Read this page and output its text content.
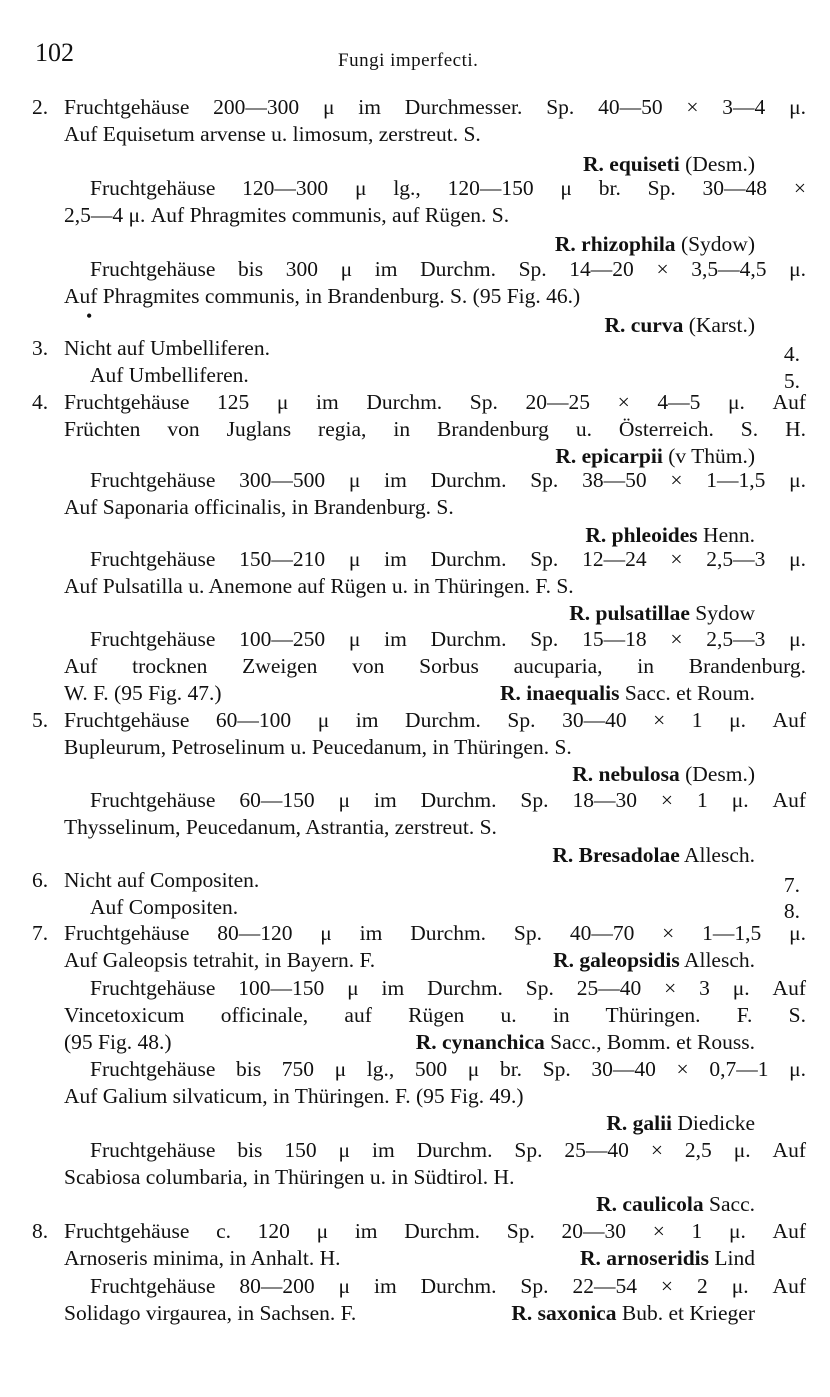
102	Fungi imperfecti.
2. Fruchtgehäuse 200—300 μ im Durchmesser. Sp. 40—50 × 3—4 μ.
Auf Equisetum arvense u. limosum, zerstreut. S.
R. equiseti (Desm.)
Fruchtgehäuse 120—300 μ lg., 120—150 μ br. Sp. 30—48 ×
2,5—4 μ. Auf Phragmites communis, auf Rügen. S.
R. rhizophila (Sydow)
Fruchtgehäuse bis 300 μ im Durchm. Sp. 14—20 × 3,5—4,5 μ.
Auf Phragmites communis, in Brandenburg. S. (95 Fig. 46.)
•	R. curva (Karst.)
3. Nicht auf Umbelliferen.	4.
Auf Umbelliferen.	5.
4. Fruchtgehäuse 125 μ im Durchm. Sp. 20—25 × 4—5 μ. Auf
Früchten von Juglans regia, in Brandenburg u. Österreich. S. H.
R. epicarpii (v Thüm.)
Fruchtgehäuse 300—500 μ im Durchm. Sp. 38—50 × 1—1,5 μ.
Auf Saponaria officinalis, in Brandenburg. S.
R. phleoides Henn.
Fruchtgehäuse 150—210 μ im Durchm. Sp. 12—24 × 2,5—3 μ.
Auf Pulsatilla u. Anemone auf Rügen u. in Thüringen. F. S.
R. pulsatillae Sydow
Fruchtgehäuse 100—250 μ im Durchm. Sp. 15—18 × 2,5—3 μ.
Auf trocknen Zweigen von Sorbus aucuparia, in Brandenburg.
W. F. (95 Fig. 47.)	R. inaequalis Sacc. et Roum.
5. Fruchtgehäuse 60—100 μ im Durchm. Sp. 30—40 × 1 μ. Auf
Bupleurum, Petroselinum u. Peucedanum, in Thüringen. S.
R. nebulosa (Desm.)
Fruchtgehäuse 60—150 μ im Durchm. Sp. 18—30 × 1 μ. Auf
Thysselinum, Peucedanum, Astrantia, zerstreut. S.
R. Bresadolae Allesch.
6. Nicht auf Compositen.	7.
Auf Compositen.	8.
7. Fruchtgehäuse 80—120 μ im Durchm. Sp. 40—70 × 1—1,5 μ.
Auf Galeopsis tetrahit, in Bayern. F.	R. galeopsidis Allesch.
Fruchtgehäuse 100—150 μ im Durchm. Sp. 25—40 × 3 μ. Auf
Vincetoxicum officinale, auf Rügen u. in Thüringen. F. S.
(95 Fig. 48.)	R. cynanchica Sacc., Bomm. et Rouss.
Fruchtgehäuse bis 750 μ lg., 500 μ br. Sp. 30—40 × 0,7—1 μ.
Auf Galium silvaticum, in Thüringen. F. (95 Fig. 49.)
R. galii Diedicke
Fruchtgehäuse bis 150 μ im Durchm. Sp. 25—40 × 2,5 μ. Auf
Scabiosa columbaria, in Thüringen u. in Südtirol. H.
R. caulicola Sacc.
8. Fruchtgehäuse c. 120 μ im Durchm. Sp. 20—30 × 1 μ. Auf
Arnoseris minima, in Anhalt. H.	R. arnoseridis Lind
Fruchtgehäuse 80—200 μ im Durchm. Sp. 22—54 × 2 μ. Auf
Solidago virgaurea, in Sachsen. F.	R. saxonica Bub. et Krieger
